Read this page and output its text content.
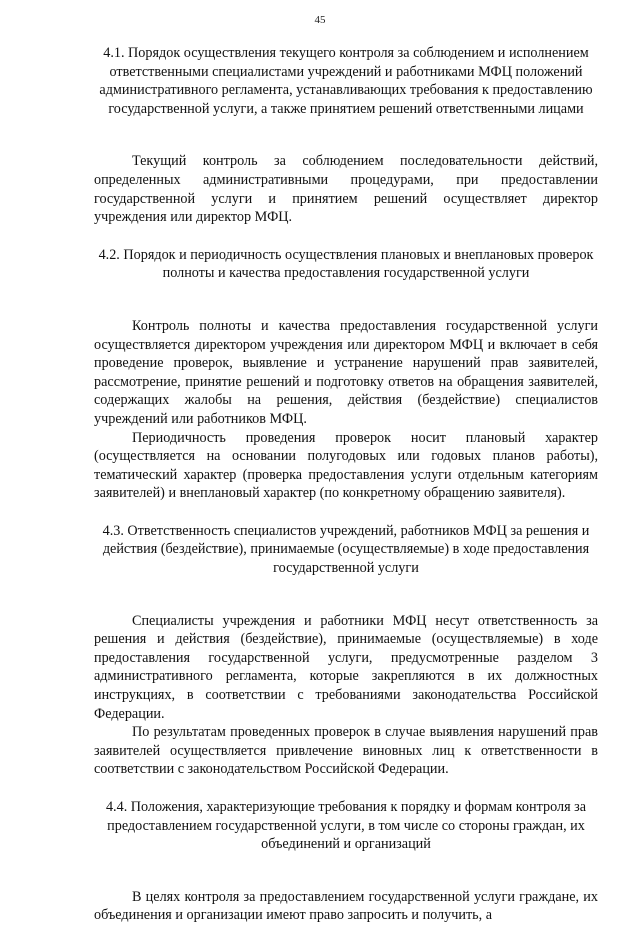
45

4.1. Порядок осуществления текущего контроля за соблюдением и исполнением ответственными специалистами учреждений и работниками МФЦ положений административного регламента, устанавливающих требования к предоставлению государственной услуги, а также принятием решений ответственными лицами

Текущий контроль за соблюдением последовательности действий, определенных административными процедурами, при предоставлении государственной услуги и принятием решений осуществляет директор учреждения или директор МФЦ.

4.2. Порядок и периодичность осуществления плановых и внеплановых проверок полноты и качества предоставления государственной услуги

Контроль полноты и качества предоставления государственной услуги осуществляется директором учреждения или директором МФЦ и включает в себя проведение проверок, выявление и устранение нарушений прав заявителей, рассмотрение, принятие решений и подготовку ответов на обращения заявителей, содержащих жалобы на решения, действия (бездействие) специалистов учреждений или работников МФЦ.

Периодичность проведения проверок носит плановый характер (осуществляется на основании полугодовых или годовых планов работы), тематический характер (проверка предоставления услуги отдельным категориям заявителей) и внеплановый характер (по конкретному обращению заявителя).

4.3. Ответственность специалистов учреждений, работников МФЦ за решения и действия (бездействие), принимаемые (осуществляемые) в ходе предоставления государственной услуги

Специалисты учреждения и работники МФЦ несут ответственность за решения и действия (бездействие), принимаемые (осуществляемые) в ходе предоставления государственной услуги, предусмотренные разделом 3 административного регламента, которые закрепляются в их должностных инструкциях, в соответствии с требованиями законодательства Российской Федерации.

По результатам проведенных проверок в случае выявления нарушений прав заявителей осуществляется привлечение виновных лиц к ответственности в соответствии с законодательством Российской Федерации.

4.4. Положения, характеризующие требования к порядку и формам контроля за предоставлением государственной услуги, в том числе со стороны граждан, их объединений и организаций

В целях контроля за предоставлением государственной услуги граждане, их объединения и организации имеют право запросить и получить, а
